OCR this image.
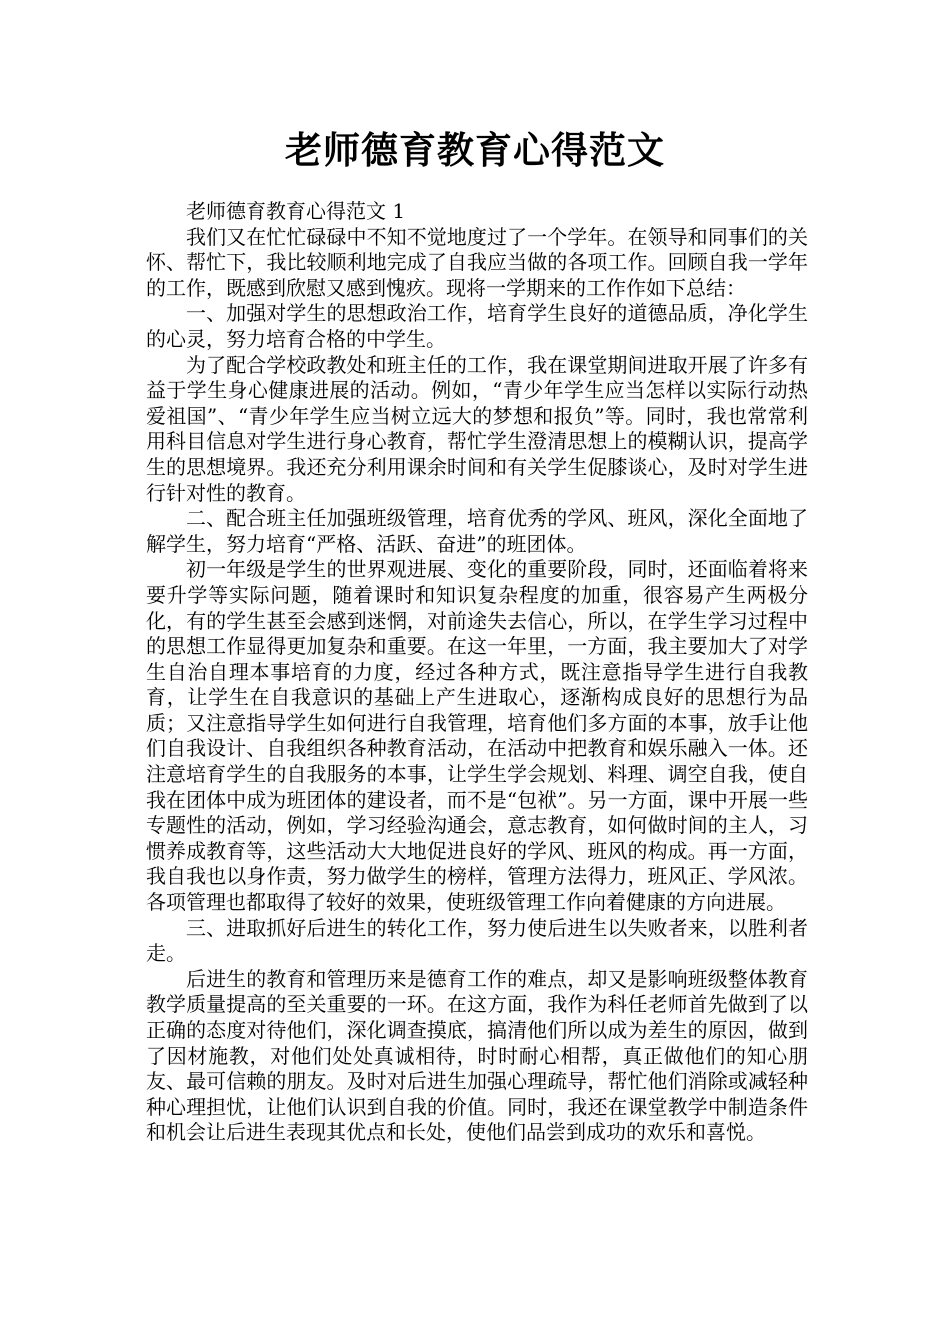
老师德育教育心得范文

老师德育教育心得范文 1

我们又在忙忙碌碌中不知不觉地度过了一个学年。在领导和同事们的关怀、帮忙下，我比较顺利地完成了自我应当做的各项工作。回顾自我一学年的工作，既感到欣慰又感到愧疚。现将一学期来的工作作如下总结：

一、加强对学生的思想政治工作，培育学生良好的道德品质，净化学生的心灵，努力培育合格的中学生。

为了配合学校政教处和班主任的工作，我在课堂期间进取开展了许多有益于学生身心健康进展的活动。例如，“青少年学生应当怎样以实际行动热爱祖国”、“青少年学生应当树立远大的梦想和报负”等。同时，我也常常利用科目信息对学生进行身心教育，帮忙学生澄清思想上的模糊认识，提高学生的思想境界。我还充分利用课余时间和有关学生促膝谈心，及时对学生进行针对性的教育。

二、配合班主任加强班级管理，培育优秀的学风、班风，深化全面地了解学生，努力培育“严格、活跃、奋进”的班团体。

初一年级是学生的世界观进展、变化的重要阶段，同时，还面临着将来要升学等实际问题，随着课时和知识复杂程度的加重，很容易产生两极分化，有的学生甚至会感到迷惘，对前途失去信心，所以，在学生学习过程中的思想工作显得更加复杂和重要。在这一年里，一方面，我主要加大了对学生自治自理本事培育的力度，经过各种方式，既注意指导学生进行自我教育，让学生在自我意识的基础上产生进取心，逐渐构成良好的思想行为品质；又注意指导学生如何进行自我管理，培育他们多方面的本事，放手让他们自我设计、自我组织各种教育活动，在活动中把教育和娱乐融入一体。还注意培育学生的自我服务的本事，让学生学会规划、料理、调空自我，使自我在团体中成为班团体的建设者，而不是“包袱”。另一方面，课中开展一些专题性的活动，例如，学习经验沟通会，意志教育，如何做时间的主人，习惯养成教育等，这些活动大大地促进良好的学风、班风的构成。再一方面，我自我也以身作责，努力做学生的榜样，管理方法得力，班风正、学风浓。各项管理也都取得了较好的效果，使班级管理工作向着健康的方向进展。

三、进取抓好后进生的转化工作，努力使后进生以失败者来，以胜利者走。

后进生的教育和管理历来是德育工作的难点，却又是影响班级整体教育教学质量提高的至关重要的一环。在这方面，我作为科任老师首先做到了以正确的态度对待他们，深化调查摸底，搞清他们所以成为差生的原因，做到了因材施教，对他们处处真诚相待，时时耐心相帮，真正做他们的知心朋友、最可信赖的朋友。及时对后进生加强心理疏导，帮忙他们消除或减轻种种心理担忧，让他们认识到自我的价值。同时，我还在课堂教学中制造条件和机会让后进生表现其优点和长处，使他们品尝到成功的欢乐和喜悦。
